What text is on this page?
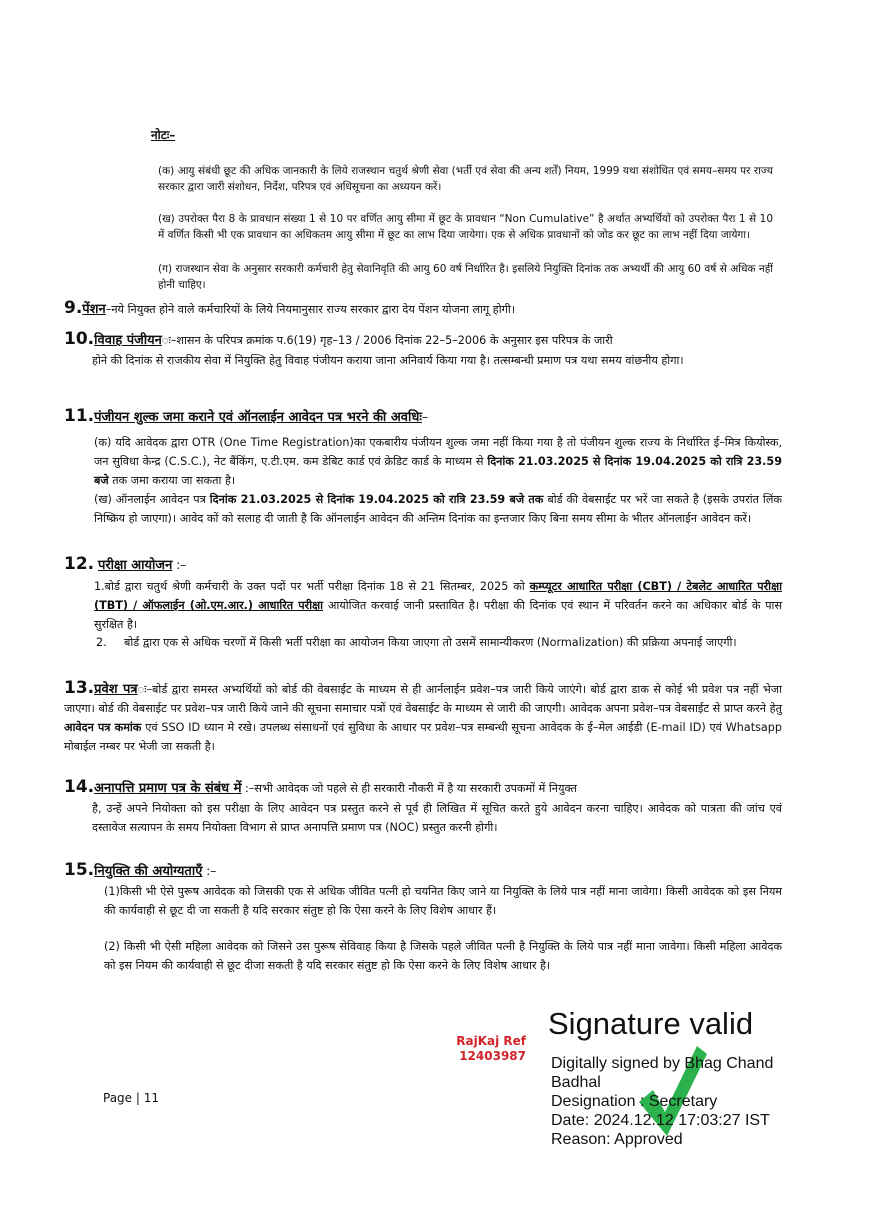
नोटः–
(क) आयु संबंधी छूट की अधिक जानकारी के लिये राजस्थान चतुर्थ श्रेणी सेवा (भर्ती एवं सेवा की अन्य शर्तें) नियम, 1999 यथा संशोधित एवं समय–समय पर राज्य सरकार द्वारा जारी संशोधन, निर्देश, परिपत्र एवं अधिसूचना का अध्ययन करें।
(ख) उपरोक्त पैरा 8 के प्रावधान संख्या 1 से 10 पर वर्णित आयु सीमा में छूट के प्रावधान “Non Cumulative” है अर्थात अभ्यर्थियों को उपरोक्त पैरा 1 से 10 में वर्णित किसी भी एक प्रावधान का अधिकतम आयु सीमा में छूट का लाभ दिया जायेगा। एक से अधिक प्रावधानों को जोड कर छूट का लाभ नहीं दिया जायेगा।
(ग) राजस्थान सेवा के अनुसार सरकारी कर्मचारी हेतु सेवानिवृति की आयु 60 वर्ष निर्धारित है। इसलिये नियुक्ति दिनांक तक अभ्यर्थी की आयु 60 वर्ष से अधिक नहीं होनी चाहिए।
9.पेंशन–नये नियुक्त होने वाले कर्मचारियों के लिये नियमानुसार राज्य सरकार द्वारा देय पेंशन योजना लागू होगी।
10.विवाह पंजीयनः–शासन के परिपत्र क्रमांक प.6(19) गृह–13 / 2006 दिनांक 22–5–2006 के अनुसार इस परिपत्र के जारी
होने की दिनांक से राजकीय सेवा में नियुक्ति हेतु विवाह पंजीयन कराया जाना अनिवार्य किया गया है। तत्सम्बन्धी प्रमाण पत्र यथा समय वांछनीय होगा।
11.पंजीयन शुल्क जमा कराने एवं ऑनलाईन आवेदन पत्र भरने की अवधिः–
(क) यदि आवेदक द्वारा OTR (One Time Registration)का एकबारीय पंजीयन शुल्क जमा नहीं किया गया है तो पंजीयन शुल्क राज्य के निर्धारित ई–मित्र कियोस्क, जन सुविधा केन्द्र (C.S.C.), नेट बैंकिंग, ए.टी.एम. कम डेबिट कार्ड एवं क्रेडिट कार्ड के माध्यम से दिनांक 21.03.2025 से दिनांक 19.04.2025 को रात्रि 23.59 बजे तक जमा कराया जा सकता है।
(ख) ऑनलाईन आवेदन पत्र दिनांक 21.03.2025 से दिनांक 19.04.2025 को रात्रि 23.59 बजे तक बोर्ड की वेबसाईट पर भरें जा सकते है (इसके उपरांत लिंक निष्क्रिय हो जाएगा)। आवेद कों को सलाह दी जाती है कि ऑनलाईन आवेदन की अन्तिम दिनांक का इन्तजार किए बिना समय सीमा के भीतर ऑनलाईन आवेदन करें।
12. परीक्षा आयोजन :–
1.बोर्ड द्वारा चतुर्थ श्रेणी कर्मचारी के उक्त पदों पर भर्ती परीक्षा दिनांक 18 से 21 सितम्बर, 2025 को कम्प्यूटर आधारित परीक्षा (CBT) / टेबलेट आधारित परीक्षा (TBT) / ऑफलाईन (ओ.एम.आर.) आधारित परीक्षा आयोजित करवाई जानी प्रस्तावित है। परीक्षा की दिनांक एवं स्थान में परिवर्तन करने का अधिकार बोर्ड के पास सुरक्षित है।
2.	बोर्ड द्वारा एक से अधिक चरणों में किसी भर्ती परीक्षा का आयोजन किया जाएगा तो उसमें सामान्यीकरण (Normalization) की प्रक्रिया अपनाई जाएगी।
13.प्रवेश पत्रः–बोर्ड द्वारा समस्त अभ्यर्थियों को बोर्ड की वेबसाईट के माध्यम से ही आर्नलाईन प्रवेश–पत्र जारी किये जाएंगे। बोर्ड द्वारा डाक से कोई भी प्रवेश पत्र नहीं भेजा जाएगा। बोर्ड की वेबसाईट पर प्रवेश–पत्र जारी किये जाने की सूचना समाचार पत्रों एवं वेबसाईट के माध्यम से जारी की जाएगी। आवेदक अपना प्रवेश–पत्र वेबसाईट से प्राप्त करने हेतु आवेदन पत्र कमांक एवं SSO ID ध्यान मे रखे। उपलब्ध संसाधनों एवं सुविधा के आधार पर प्रवेश–पत्र सम्बन्धी सूचना आवेदक के ई–मेल आईडी (E-mail ID) एवं Whatsapp मोबाईल नम्बर पर भेजी जा सकती है।
14.अनापत्ति प्रमाण पत्र के संबंध में :–सभी आवेदक जो पहले से ही सरकारी नौकरी में है या सरकारी उपकमों में नियुक्त
है, उन्हें अपने नियोक्ता को इस परीक्षा के लिए आवेदन पत्र प्रस्तुत करने से पूर्व ही लिखित में सूचित करते हुये आवेदन करना चाहिए। आवेदक को पात्रता की जांच एवं दस्तावेज सत्यापन के समय नियोक्ता विभाग से प्राप्त अनापत्ति प्रमाण पत्र (NOC) प्रस्तुत करनी होगी।
15.नियुक्ति की अयोग्यताएँ :–
(1)किसी भी ऐसे पुरूष आवेदक को जिसकी एक से अधिक जीवित पत्नी हो चयनित किए जाने या नियुक्ति के लिये पात्र नहीं माना जावेगा। किसी आवेदक को इस नियम की कार्यवाही से छूट दी जा सकती है यदि सरकार संतुष्ट हो कि ऐसा करने के लिए विशेष आधार हैं।
(2) किसी भी ऐसी महिला आवेदक को जिसने उस पुरूष सेविवाह किया है जिसके पहले जीवित पत्नी है नियुक्ति के लिये पात्र नहीं माना जावेगा। किसी महिला आवेदक को इस नियम की कार्यवाही से छूट दीजा सकती है यदि सरकार संतुष्ट हो कि ऐसा करने के लिए विशेष आधार है।
Page | 11
RajKaj Ref
12403987
Signature valid
Digitally signed by Bhag Chand
Badhal
Designation : Secretary
Date: 2024.12.12 17:03:27 IST
Reason: Approved
